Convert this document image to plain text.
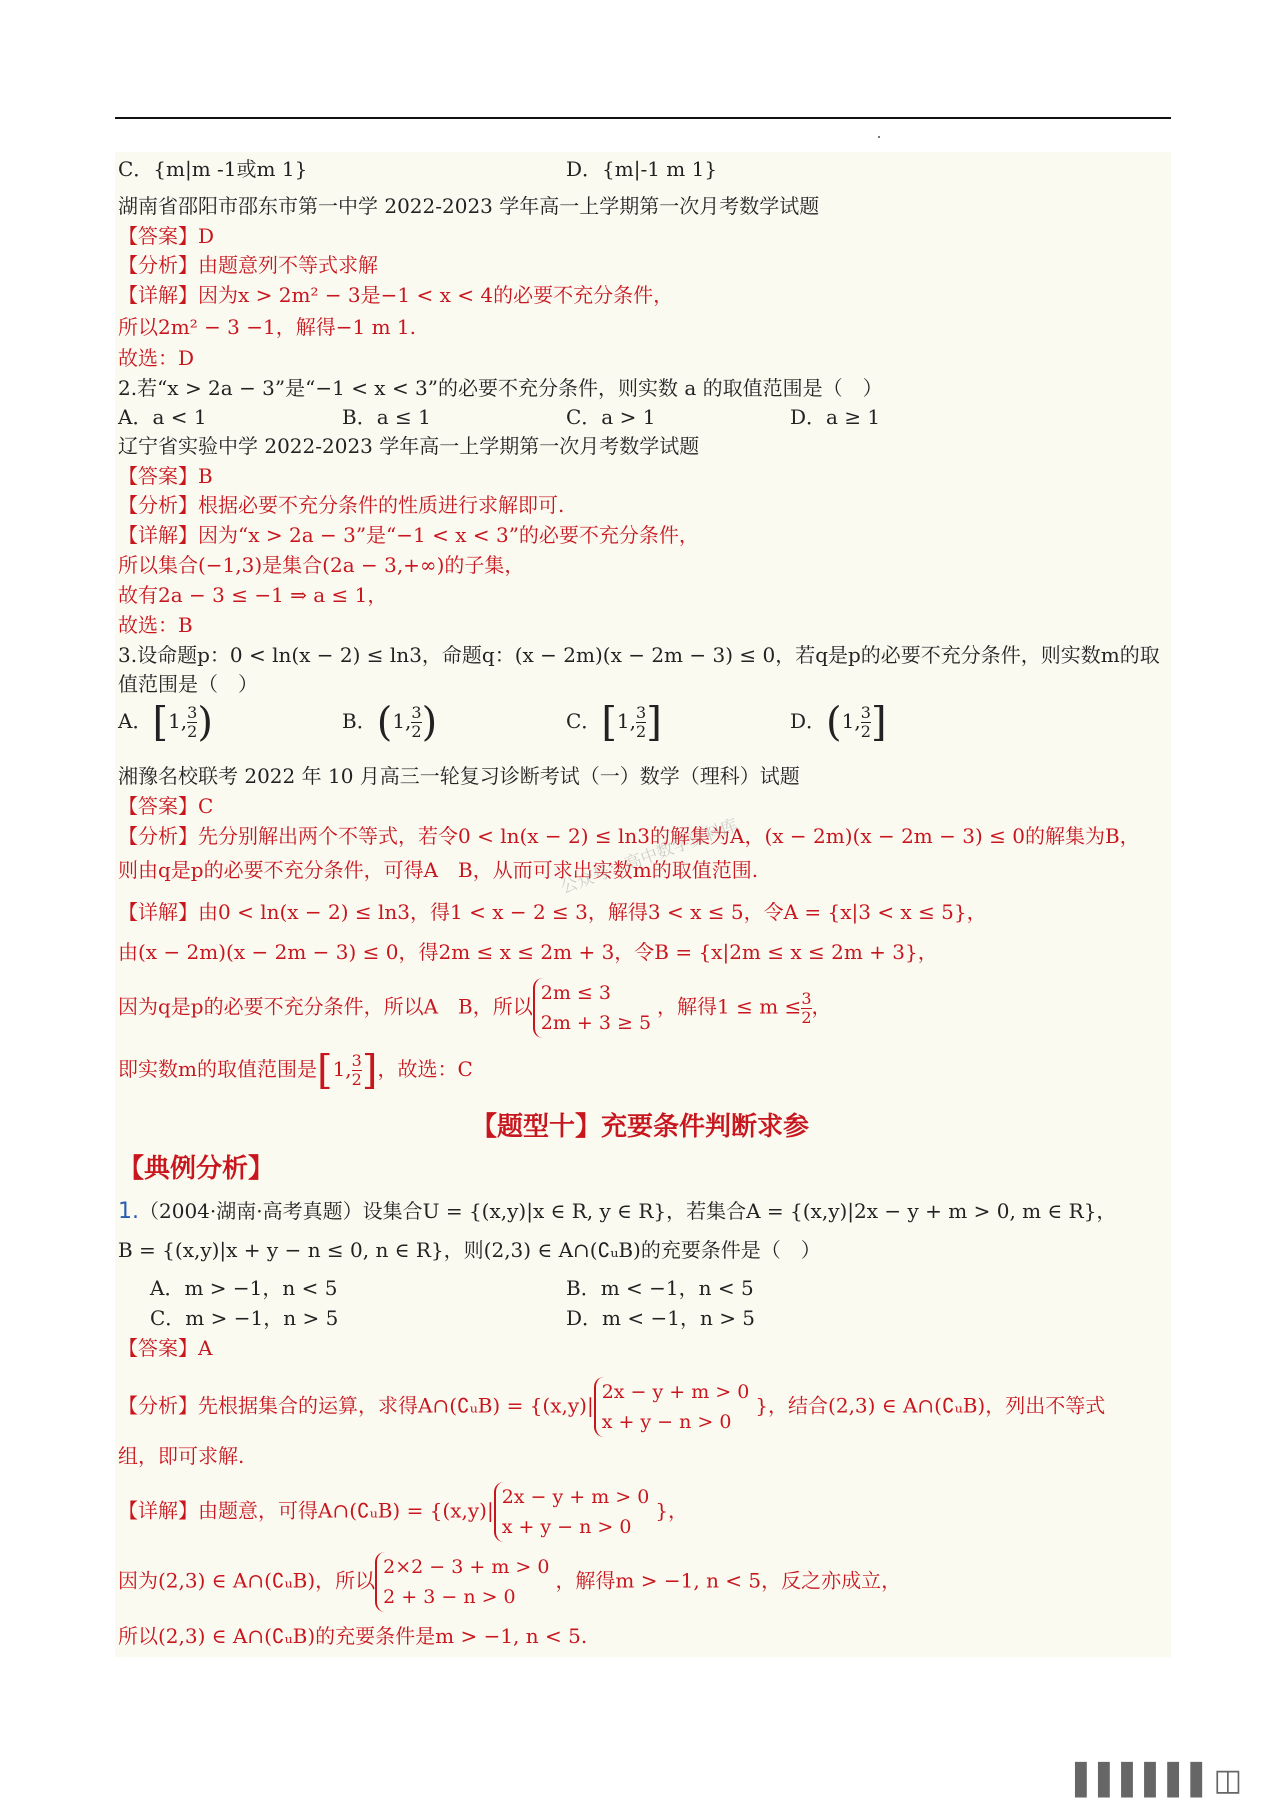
C．{m|m -1或m 1}	D．{m|-1 m 1}
湖南省邵阳市邵东市第一中学 2022-2023 学年高一上学期第一次月考数学试题
【答案】D
【分析】由题意列不等式求解
【详解】因为x > 2m² − 3是−1 < x < 4的必要不充分条件，
所以2m² − 3 −1，解得−1 m 1.
故选：D
2.若“x > 2a − 3”是“−1 < x < 3”的必要不充分条件，则实数 a 的取值范围是（　）
A．a < 1	B．a ≤ 1	C．a > 1	D．a ≥ 1
辽宁省实验中学 2022-2023 学年高一上学期第一次月考数学试题
【答案】B
【分析】根据必要不充分条件的性质进行求解即可.
【详解】因为“x > 2a − 3”是“−1 < x < 3”的必要不充分条件，
所以集合(−1,3)是集合(2a − 3,+∞)的子集，
故有2a − 3 ≤ −1 ⇒ a ≤ 1，
故选：B
3.设命题p：0 < ln(x − 2) ≤ ln3，命题q：(x − 2m)(x − 2m − 3) ≤ 0，若q是p的必要不充分条件，则实数m的取
值范围是（　）
A．[1, $\frac{3}{2}$ )	B．(1, $\frac{3}{2}$ )	C．[1, $\frac{3}{2}$ ]	D．(1, $\frac{3}{2}$ ]
湘豫名校联考 2022 年 10 月高三一轮复习诊断考试（一）数学（理科）试题
【答案】C
【分析】先分别解出两个不等式，若令0 < ln(x − 2) ≤ ln3的解集为A，(x − 2m)(x − 2m − 3) ≤ 0的解集为B，
则由q是p的必要不充分条件，可得A　B，从而可求出实数m的取值范围.
【详解】由0 < ln(x − 2) ≤ ln3，得1 < x − 2 ≤ 3，解得3 < x ≤ 5，令A = {x|3 < x ≤ 5}，
由(x − 2m)(x − 2m − 3) ≤ 0，得2m ≤ x ≤ 2m + 3，令B = {x|2m ≤ x ≤ 2m + 3}，
因为q是p的必要不充分条件，所以A　B，所以
2m ≤ 3
2m + 3 ≥ 5
，解得$1 \le m \le \frac{3}{2}$ ，
即实数m的取值范围是[1, $\frac{3}{2}$ ]，故选：C
公众号：高中数学资料库
【题型十】充要条件判断求参
【典例分析】
1.（2004·湖南·高考真题）设集合U = {(x,y)|x ∈ R, y ∈ R}，若集合A = {(x,y)|2x − y + m > 0, m ∈ R}，
B = {(x,y)|x + y − n ≤ 0, n ∈ R}，则(2,3) ∈ A∩(∁ᵤB)的充要条件是（　）
A．m > −1，n < 5	B．m < −1，n < 5
C．m > −1，n > 5	D．m < −1，n > 5
【答案】A
【分析】先根据集合的运算，求得A∩(∁ᵤB) = {(x,y)|
2x − y + m > 0
x + y − n > 0
}，结合(2,3) ∈ A∩(∁ᵤB)，列出不等式
组，即可求解.
【详解】由题意，可得A∩(∁ᵤB) = {(x,y)|
2x − y + m > 0
x + y − n > 0
}，
因为(2,3) ∈ A∩(∁ᵤB)，所以
2×2 − 3 + m > 0
2 + 3 − n > 0
，解得m > −1, n < 5，反之亦成立，
所以(2,3) ∈ A∩(∁ᵤB)的充要条件是m > −1, n < 5.
▌▌▌▌▌▌◫
